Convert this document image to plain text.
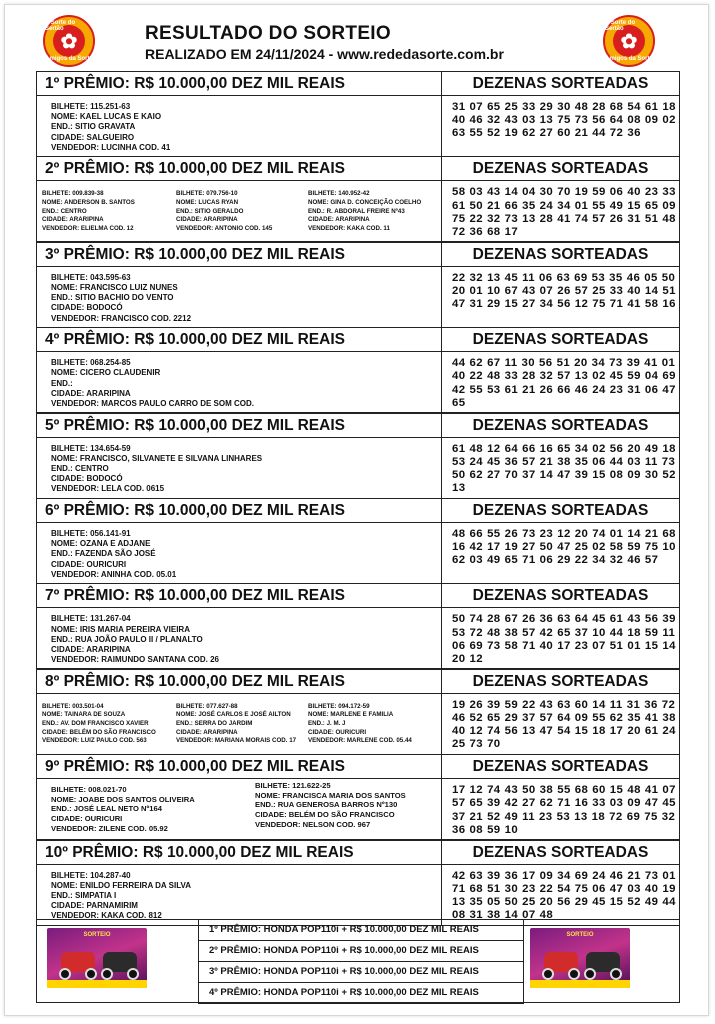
A Sorte do Sertão
✿
Amigos da Sorte
RESULTADO DO SORTEIO
REALIZADO EM 24/11/2024 - www.rededasorte.com.br
A Sorte do Sertão
✿
Amigos da Sorte
1º PRÊMIO: R$ 10.000,00 DEZ MIL REAIS	DEZENAS SORTEADAS
BILHETE: 115.251-63
NOME: KAEL LUCAS E KAIO
END.: SITIO GRAVATA
CIDADE: SALGUEIRO
VENDEDOR: LUCINHA COD. 41
31 07 65 25 33 29 30 48 28 68 54 61 18 40 46 32 43 03 13 75 73 56 64 08 09 02 63 55 52 19 62 27 60 21 44 72 36
2º PRÊMIO: R$ 10.000,00 DEZ MIL REAIS	DEZENAS SORTEADAS
BILHETE: 009.839-38
NOME: ANDERSON B. SANTOS
END.: CENTRO
CIDADE: ARARIPINA
VENDEDOR: ELIELMA COD. 12
BILHETE: 079.756-10
NOME: LUCAS RYAN
END.: SITIO GERALDO
CIDADE: ARARIPINA
VENDEDOR: ANTONIO COD. 145
BILHETE: 140.952-42
NOME: GINA D. CONCEIÇÃO COELHO
END.: R. ABDORAL FREIRE Nº43
CIDADE: ARARIPINA
VENDEDOR: KAKA COD. 11
58 03 43 14 04 30 70 19 59 06 40 23 33 61 50 21 66 35 24 34 01 55 49 15 65 09 75 22 32 73 13 28 41 74 57 26 31 51 48 72 36 68 17
3º PRÊMIO: R$ 10.000,00 DEZ MIL REAIS	DEZENAS SORTEADAS
BILHETE: 043.595-63
NOME: FRANCISCO LUIZ NUNES
END.: SITIO BACHIO DO VENTO
CIDADE: BODOCÓ
VENDEDOR: FRANCISCO COD. 2212
22 32 13 45 11 06 63 69 53 35 46 05 50 20 01 10 67 43 07 26 57 25 33 40 14 51 47 31 29 15 27 34 56 12 75 71 41 58 16
4º PRÊMIO: R$ 10.000,00 DEZ MIL REAIS	DEZENAS SORTEADAS
BILHETE: 068.254-85
NOME: CICERO CLAUDENIR
END.:
CIDADE: ARARIPINA
VENDEDOR: MARCOS PAULO CARRO DE SOM COD.
44 62 67 11 30 56 51 20 34 73 39 41 01 40 22 48 33 28 32 57 13 02 45 59 04 69 42 55 53 61 21 26 66 46 24 23 31 06 47 65
5º PRÊMIO: R$ 10.000,00 DEZ MIL REAIS	DEZENAS SORTEADAS
BILHETE: 134.654-59
NOME: FRANCISCO, SILVANETE E SILVANA LINHARES
END.: CENTRO
CIDADE: BODOCÓ
VENDEDOR: LELA COD. 0615
61 48 12 64 66 16 65 34 02 56 20 49 18 53 24 45 36 57 21 38 35 06 44 03 11 73 50 62 27 70 37 14 47 39 15 08 09 30 52 13
6º PRÊMIO: R$ 10.000,00 DEZ MIL REAIS	DEZENAS SORTEADAS
BILHETE: 056.141-91
NOME: OZANA E ADJANE
END.: FAZENDA SÃO JOSÉ
CIDADE: OURICURI
VENDEDOR: ANINHA COD. 05.01
48 66 55 26 73 23 12 20 74 01 14 21 68 16 42 17 19 27 50 47 25 02 58 59 75 10 62 03 49 65 71 06 29 22 34 32 46 57
7º PRÊMIO: R$ 10.000,00 DEZ MIL REAIS	DEZENAS SORTEADAS
BILHETE: 131.267-04
NOME: IRIS MARIA PEREIRA VIEIRA
END.: RUA JOÃO PAULO II / PLANALTO
CIDADE: ARARIPINA
VENDEDOR: RAIMUNDO SANTANA COD. 26
50 74 28 67 26 36 63 64 45 61 43 56 39 53 72 48 38 57 42 65 37 10 44 18 59 11 06 69 73 58 71 40 17 23 07 51 01 15 14 20 12
8º PRÊMIO: R$ 10.000,00 DEZ MIL REAIS	DEZENAS SORTEADAS
BILHETE: 003.501-04
NOME: TAINARA DE SOUZA
END.: AV. DOM FRANCISCO XAVIER
CIDADE: BELÉM DO SÃO FRANCISCO
VENDEDOR: LUIZ PAULO COD. 563
BILHETE: 077.627-88
NOME: JOSÉ CARLOS E JOSÉ AILTON
END.: SERRA DO JARDIM
CIDADE: ARARIPINA
VENDEDOR: MARIANA MORAIS COD. 17
BILHETE: 094.172-59
NOME: MARLENE E FAMILIA
END.: J. M. J
CIDADE: OURICURI
VENDEDOR: MARLENE COD. 05.44
19 26 39 59 22 43 63 60 14 11 31 36 72 46 52 65 29 37 57 64 09 55 62 35 41 38 40 12 74 56 13 47 54 15 18 17 20 61 24 25 73 70
9º PRÊMIO: R$ 10.000,00 DEZ MIL REAIS	DEZENAS SORTEADAS
BILHETE: 008.021-70
NOME: JOABE DOS SANTOS OLIVEIRA
END.: JOSÉ LEAL NETO Nº164
CIDADE: OURICURI
VENDEDOR: ZILENE COD. 05.92
BILHETE: 121.622-25
NOME: FRANCISCA MARIA DOS SANTOS
END.: RUA GENEROSA BARROS Nº130
CIDADE: BELÉM DO SÃO FRANCISCO
VENDEDOR: NELSON COD. 967
17 12 74 43 50 38 55 68 60 15 48 41 07 57 65 39 42 27 62 71 16 33 03 09 47 45 37 21 52 49 11 23 53 13 18 72 69 75 32 36 08 59 10
10º PRÊMIO: R$ 10.000,00 DEZ MIL REAIS	DEZENAS SORTEADAS
BILHETE: 104.287-40
NOME: ENILDO FERREIRA DA SILVA
END.: SIMPATIA I
CIDADE: PARNAMIRIM
VENDEDOR: KAKA COD. 812
42 63 39 36 17 09 34 69 24 46 21 73 01 71 68 51 30 23 22 54 75 06 47 03 40 19 13 35 05 50 25 20 56 29 45 15 52 49 44 08 31 38 14 07 48
SORTEIO	1º PRÊMIO: HONDA POP110i + R$ 10.000,00 DEZ MIL REAIS
2º PRÊMIO: HONDA POP110i + R$ 10.000,00 DEZ MIL REAIS
3º PRÊMIO: HONDA POP110i + R$ 10.000,00 DEZ MIL REAIS
4º PRÊMIO: HONDA POP110i + R$ 10.000,00 DEZ MIL REAIS
SORTEIO
